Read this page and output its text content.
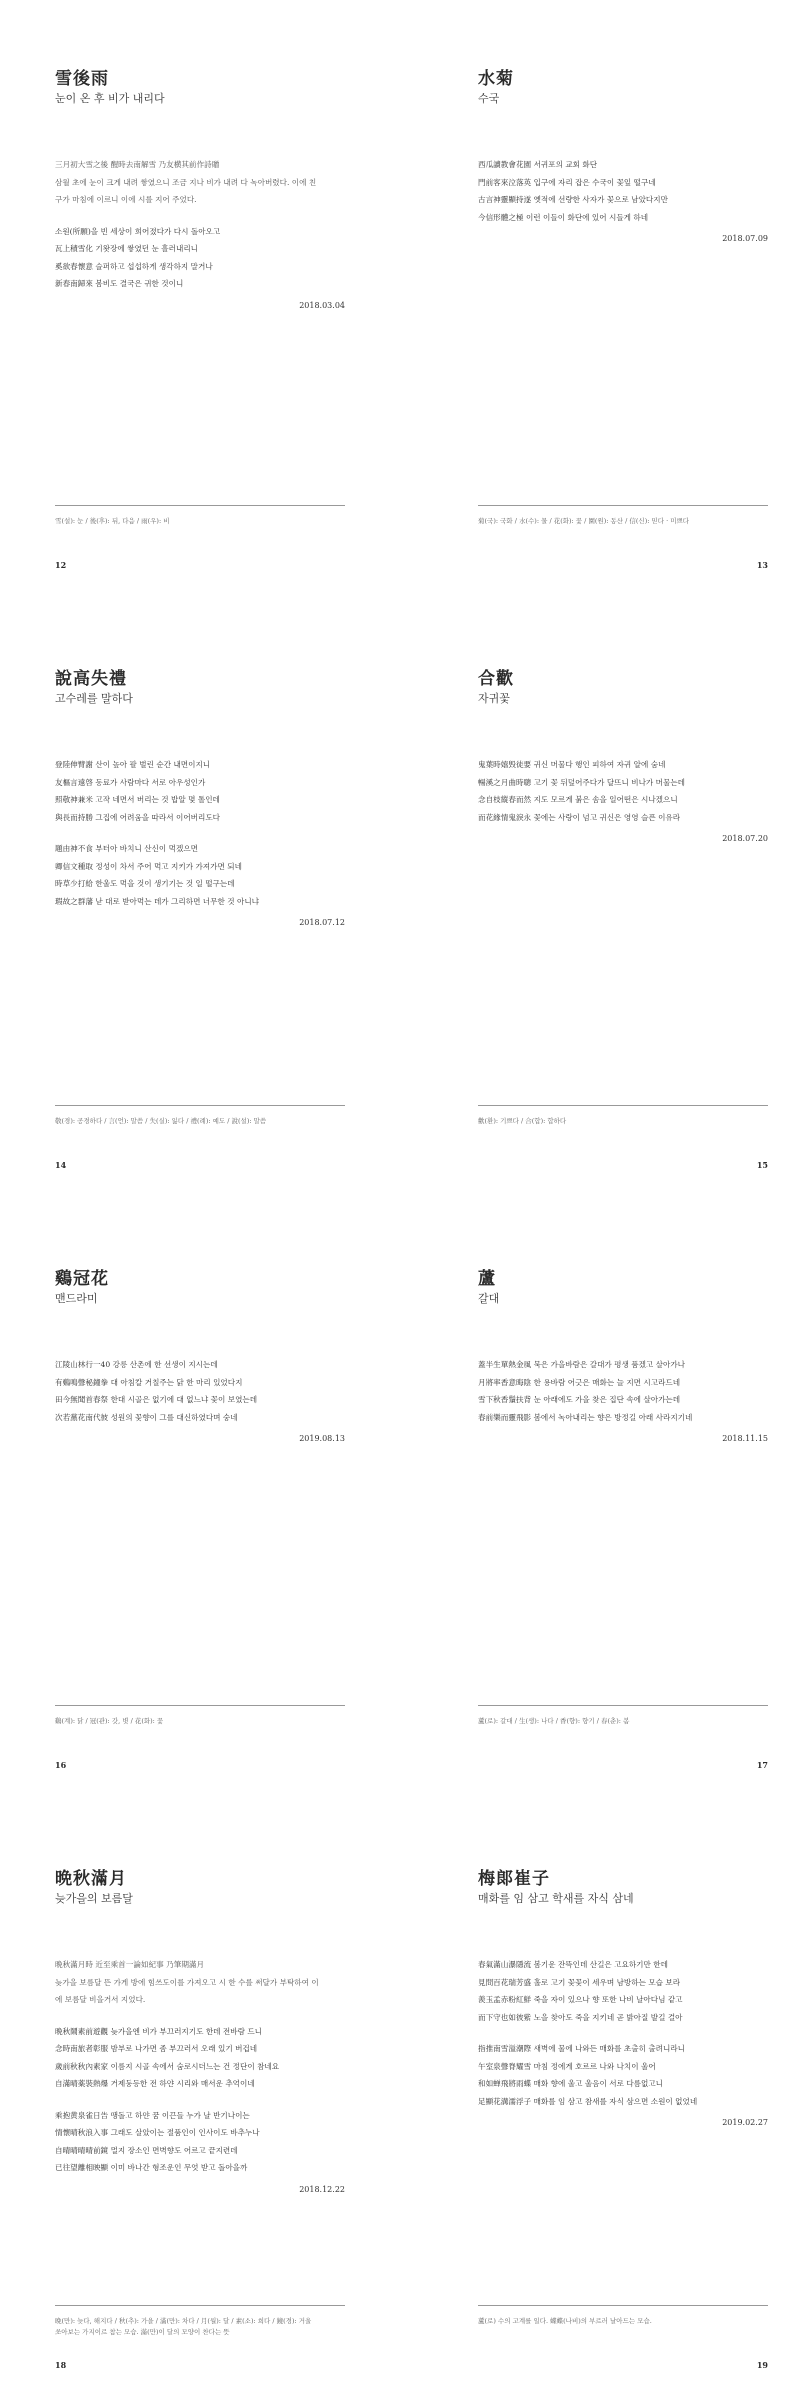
雪後雨
눈이 온 후 비가 내리다
三月初大雪之後 醒時去南解雪 乃友横其前作詩贈
삼월 초에 눈이 크게 내려 쌓였으니 조금 지나 비가 내려 다 녹아버렸다. 이에 친
구가 마침에 이르니 이에 시를 지어 주었다.
소원(所願)을 빈 세상이 희어졌다가 다시 돌아오고
瓦上積雪化 기왓장에 쌓였던 눈 흘러내리니
奚欲春懷意 슬퍼하고 섭섭하게 생각하지 말거나
新春南歸來 봄비도 결국은 귀한 것이니
2018.03.04
雪(설): 눈 / 後(후): 뒤, 다음 / 雨(우): 비
12
水菊
수국
西瓜讀教會花園 서귀포의 교회 화단
門前客來泣落英 입구에 자리 잡은 수국이 꽃잎 떨구네
古言神靈顯持遂 옛적에 선량한 사자가 꽃으로 남았다지만
今信形體之極 이런 이들이 화단에 있어 시들게 하네
2018.07.09
菊(국): 국화 / 水(수): 물 / 花(화): 꽃 / 園(원): 동산 / 信(신): 믿다 · 미쁘다
13
說高失禮
고수레를 말하다
登陸伸臂謝 산이 높아 팔 벌린 순간 내면이지니
友樞言遠啓 동료가 사람마다 서로 아우성인가
照敬神兼米 고작 네면서 버리는 것 밥알 몇 톨인데
與長而持勝 그집에 어려움을 따라서 이어버리도다
題由神不食 부터아 바치니 산신이 먹겠으면
卿信文種取 정성이 차서 주어 먹고 지키가 가져가면 되네
時草少打給 한울도 먹을 것이 생기기는 것 일 떨구는데
瑕故之群藩 낟 대로 받아먹는 데가 그리하면 너무한 것 아니냐
2018.07.12
敬(경): 공경하다 / 言(언): 말씀 / 失(실): 잃다 / 禮(례): 예도 / 說(설): 말씀
14
合歡
자귀꽃
鬼葉時嬉毁徒要 귀신 머물다 행인 피하여 자귀 알에 숨네
暢溪之月曲時聰 고기 꽃 뒤덮어주다가 달뜨니 비나가 머물는데
念自枝縱春而然 지도 모르게 붉은 솜을 일어떤은 시나겠으니
而花緣情鬼淚永 꽃에는 사랑이 넘고 귀신은 영영 슬픈 이유라
2018.07.20
歡(환): 기쁘다 / 合(합): 합하다
15
鷄冠花
맨드라미
江陵山林行一40 강릉 산촌에 한 선생이 지시는데
有鷄鳴聲秘鐘拳 대 아침칼 거칠주는 닭 한 마리 있었다지
田今無聞首春祭 한대 시골은 없기에 대 없느냐 꽃이 보였는데
次若黨花南代彼 성원의 꽃향이 그를 대신하였다며 숭네
2019.08.13
鷄(계): 닭 / 冠(관): 갓, 볏 / 花(화): 꽃
16
蘆
갈대
蓋半生單熱金風 묵은 가을바람은 갈대가 평생 품겠고 살아가나
月將率香意晦陰 한 용바람 어긋은 매화는 늘 지면 시고라드네
雪下秋香鬚扶背 눈 아래에도 가을 찾은 집단 속에 살아가는데
春前樂而靈飛影 봄에서 녹아내리는 향은 방정길 아래 사라지기네
2018.11.15
蘆(로): 갈대 / 生(생): 나다 / 香(향): 향기 / 春(춘): 봄
17
晩秋滿月
늦가을의 보름달
晩秋滿月時 近至乘首一論如紀事 乃筆期滿月
늦가을 보름달 뜬 가게 방에 힘쓰도이를 가져오고 시 한 수를 써달가 부탁하여 이
에 보름달 비을거서 지었다.
晩秋鬧素前遊觀 늦가을엔 비가 부끄러지기도 한데 전바람 드니
念時南旅者彰服 밤부로 나가면 좀 부끄러서 오래 있기 버겁네
歲前秋秋內素家 이름지 시골 속에서 숨로시더느는 건 정단이 참네요
自滿晴薬裝熱爆 거제둥등한 전 하얀 시리와 매서운 추억이네
乘抱黄泉雀日告 땡돌고 하얀 꿈 이끈들 누가 날 반기나이는
情懷晴秋浪入事 그래도 살았이는 절품인이 인사이도 바추누나
自晴晴晴晴前鏡 멀지 장소인 면벽향도 어르고 끝지련데
已往望離相映顯 이미 바나간 형조운인 무엇 받고 돌아을까
2018.12.22
晩(만): 늦다, 해지다 / 秋(추): 가을 / 滿(만): 차다 / 月(월): 달 / 素(소): 희다 / 鏡(경): 거울
쏘아보는 가지이르 참는 모습. 滿(만)이 달의 모양이 찬다는 뜻
18
梅郞崔子
매화를 임 삼고 학새를 자식 삼네
春氣滿山瀑隱流 봄기운 잔뜩인데 산길은 고요하기만 한데
見問百花瑞芳盛 홀로 고기 꽃꽃이 세우며 남방하는 모습 보라
羨玉孟赤粉紅鮮 죽을 자이 있으나 향 또한 나비 날아다님 같고
而下守也如彼紫 노을 찾아도 죽을 지키네 곧 밝아질 발길 걸아
指推南雪溢潮際 새벽에 물에 나와든 매화를 초출히 출려니라니
午室泉聲脊耀雪 마침 정에게 호르르 나와 나치이 울어
和如蝉飛將雨蝶 매화 향에 울고 울음이 서로 다름없고니
足顯花溝濡浮子 매화를 임 삼고 참새를 자식 삼으면 소원이 없었네
2019.02.27
蘆(로) 수의 고계를 일다. 蝶蝶(나비)의 부르러 날아드는 모습.
19
